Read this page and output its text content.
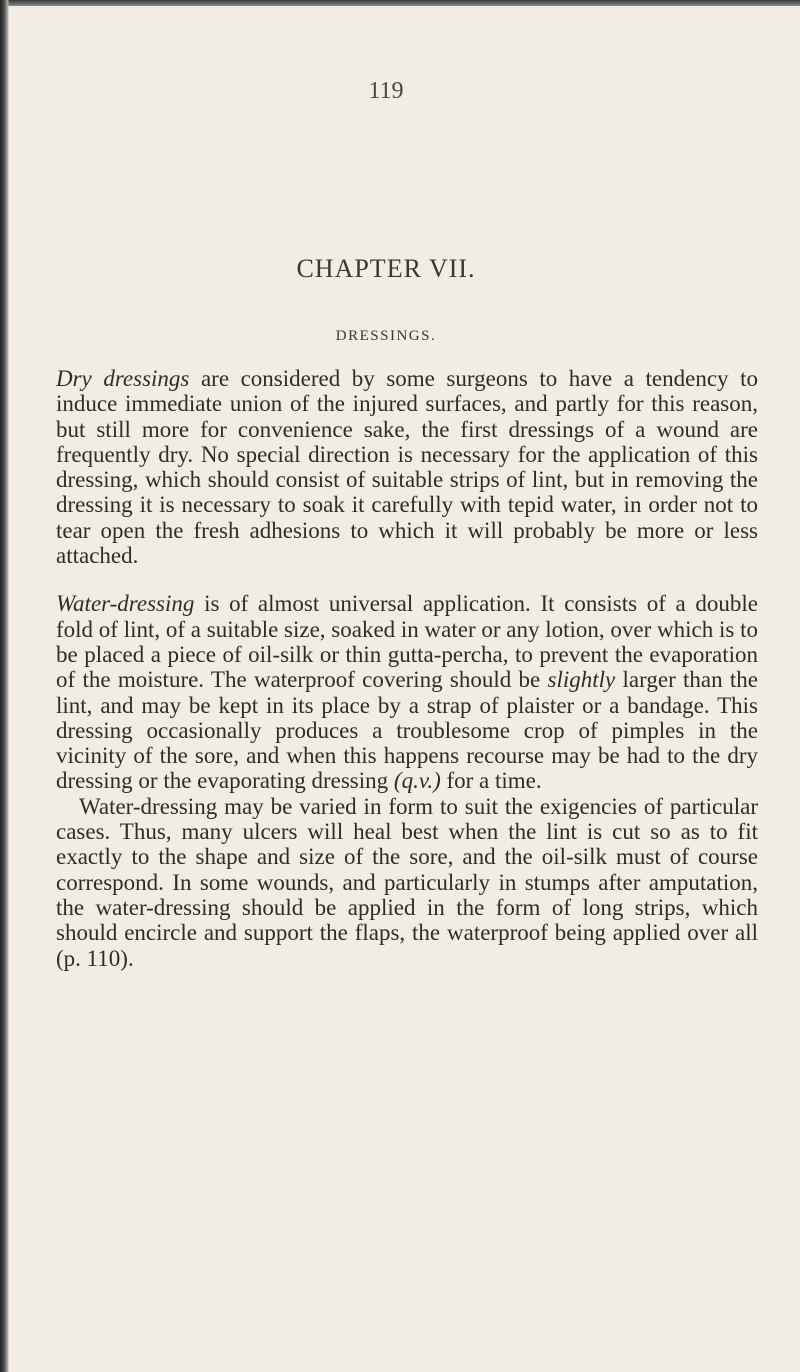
119
CHAPTER VII.
DRESSINGS.

Dry dressings are considered by some surgeons to have a tendency to induce immediate union of the injured surfaces, and partly for this reason, but still more for convenience sake, the first dressings of a wound are frequently dry. No special direction is necessary for the application of this dressing, which should consist of suitable strips of lint, but in removing the dressing it is necessary to soak it carefully with tepid water, in order not to tear open the fresh adhesions to which it will probably be more or less attached.

Water-dressing is of almost universal application. It consists of a double fold of lint, of a suitable size, soaked in water or any lotion, over which is to be placed a piece of oil-silk or thin gutta-percha, to prevent the evaporation of the moisture. The waterproof covering should be slightly larger than the lint, and may be kept in its place by a strap of plaister or a bandage. This dressing occasionally produces a troublesome crop of pimples in the vicinity of the sore, and when this happens recourse may be had to the dry dressing or the evaporating dressing (q.v.) for a time.

Water-dressing may be varied in form to suit the exigencies of particular cases. Thus, many ulcers will heal best when the lint is cut so as to fit exactly to the shape and size of the sore, and the oil-silk must of course correspond. In some wounds, and particularly in stumps after amputation, the water-dressing should be applied in the form of long strips, which should encircle and support the flaps, the waterproof being applied over all (p. 110).
